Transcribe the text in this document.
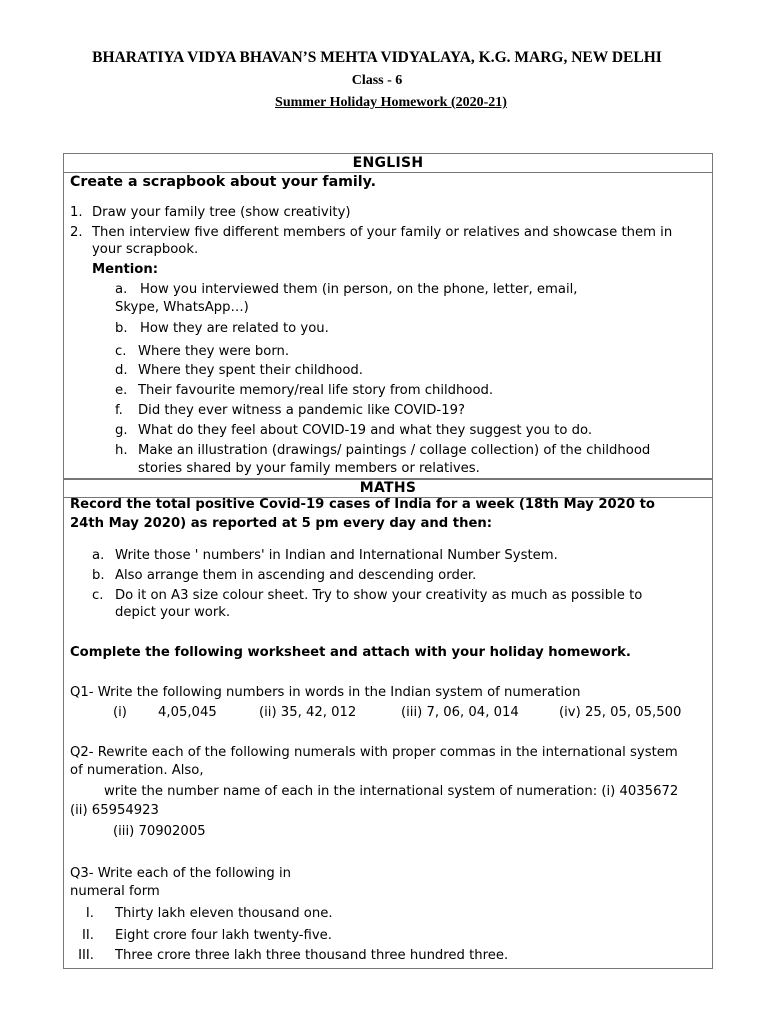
BHARATIYA VIDYA BHAVAN’S MEHTA VIDYALAYA, K.G. MARG, NEW DELHI
Class - 6
Summer Holiday Homework (2020-21)
ENGLISH
Create a scrapbook about your family.
1. Draw your family tree (show creativity)
2. Then interview five different members of your family or relatives and showcase them in
your scrapbook.
Mention:
a. How you interviewed them (in person, on the phone, letter, email,
Skype, WhatsApp…)
b. How they are related to you.
c. Where they were born.
d. Where they spent their childhood.
e. Their favourite memory/real life story from childhood.
f. Did they ever witness a pandemic like COVID-19?
g. What do they feel about COVID-19 and what they suggest you to do.
h. Make an illustration (drawings/ paintings / collage collection) of the childhood
stories shared by your family members or relatives.
MATHS
Record the total positive Covid-19 cases of India for a week (18th May 2020 to
24th May 2020) as reported at 5 pm every day and then:
a. Write those ' numbers' in Indian and International Number System.
b. Also arrange them in ascending and descending order.
c. Do it on A3 size colour sheet. Try to show your creativity as much as possible to
depict your work.
Complete the following worksheet and attach with your holiday homework.
Q1- Write the following numbers in words in the Indian system of numeration
(i) 4,05,045	(ii) 35, 42, 012	(iii) 7, 06, 04, 014	(iv) 25, 05, 05,500
Q2- Rewrite each of the following numerals with proper commas in the international system
of numeration. Also,
write the number name of each in the international system of numeration: (i) 4035672
(ii) 65954923
(iii) 70902005
Q3- Write each of the following in
numeral form
I. Thirty lakh eleven thousand one.
II. Eight crore four lakh twenty-five.
III. Three crore three lakh three thousand three hundred three.
